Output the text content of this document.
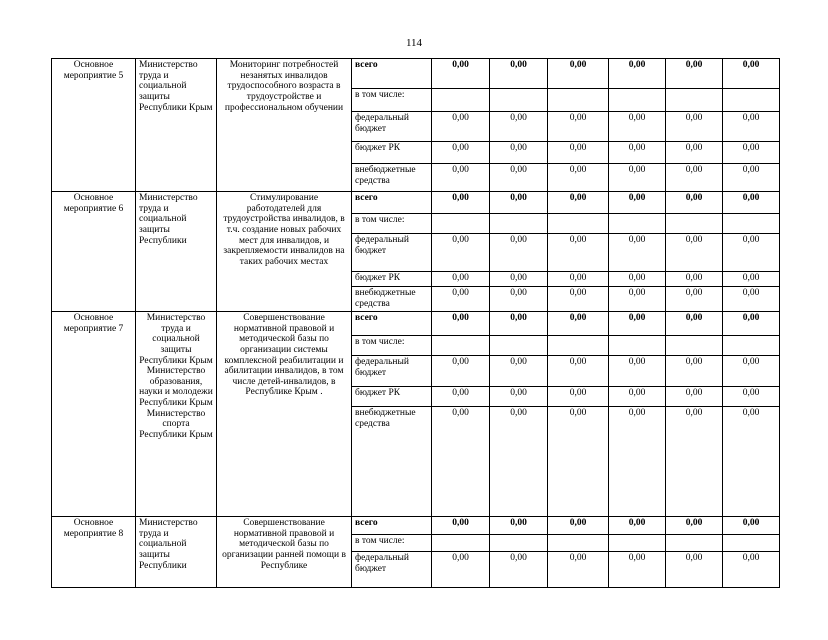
114
Основное мероприятие 5	Министерство труда и социальной защиты Республики Крым	Мониторинг потребностей незанятых инвалидов трудоспособного возраста в трудоустройстве и профессиональном обучении	всего	0,00	0,00	0,00	0,00	0,00	0,00
			в том числе:						
			федеральный бюджет	0,00	0,00	0,00	0,00	0,00	0,00
			бюджет РК	0,00	0,00	0,00	0,00	0,00	0,00
			внебюджетные средства	0,00	0,00	0,00	0,00	0,00	0,00
Основное мероприятие 6	Министерство труда и социальной защиты Республики	Стимулирование работодателей для трудоустройства инвалидов, в т.ч. создание новых рабочих мест для инвалидов, и закрепляемости инвалидов на таких рабочих местах	всего	0,00	0,00	0,00	0,00	0,00	0,00
			в том числе:						
			федеральный бюджет	0,00	0,00	0,00	0,00	0,00	0,00
			бюджет РК	0,00	0,00	0,00	0,00	0,00	0,00
			внебюджетные средства	0,00	0,00	0,00	0,00	0,00	0,00
Основное мероприятие 7	Министерство труда и социальной защиты Республики Крым Министерство образования, науки и молодежи Республики Крым Министерство спорта Республики Крым	Совершенствование нормативной правовой и методической базы по организации системы комплексной реабилитации и абилитации инвалидов, в том числе детей-инвалидов, в Республике Крым .	всего	0,00	0,00	0,00	0,00	0,00	0,00
			в том числе:						
			федеральный бюджет	0,00	0,00	0,00	0,00	0,00	0,00
			бюджет РК	0,00	0,00	0,00	0,00	0,00	0,00
			внебюджетные средства	0,00	0,00	0,00	0,00	0,00	0,00
Основное мероприятие 8	Министерство труда и социальной защиты Республики	Совершенствование нормативной правовой и методической базы по организации ранней помощи в Республике	всего	0,00	0,00	0,00	0,00	0,00	0,00
			в том числе:						
			федеральный бюджет	0,00	0,00	0,00	0,00	0,00	0,00
